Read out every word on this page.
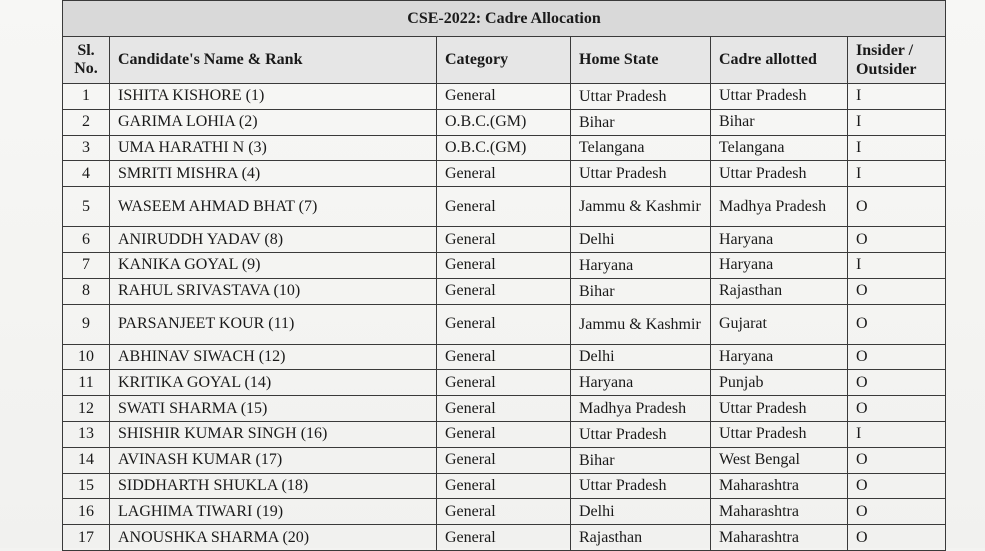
CSE-2022: Cadre Allocation					
Sl.
No.	Candidate's Name & Rank	Category	Home State	Cadre allotted	Insider /
Outsider
1	ISHITA KISHORE (1)	General	Uttar Pradesh	Uttar Pradesh	I
2	GARIMA LOHIA (2)	O.B.C.(GM)	Bihar	Bihar	I
3	UMA HARATHI N (3)	O.B.C.(GM)	Telangana	Telangana	I
4	SMRITI MISHRA (4)	General	Uttar Pradesh	Uttar Pradesh	I
5	WASEEM AHMAD BHAT (7)	General	Jammu & Kashmir	Madhya Pradesh	O
6	ANIRUDDH YADAV (8)	General	Delhi	Haryana	O
7	KANIKA GOYAL (9)	General	Haryana	Haryana	I
8	RAHUL SRIVASTAVA (10)	General	Bihar	Rajasthan	O
9	PARSANJEET KOUR (11)	General	Jammu & Kashmir	Gujarat	O
10	ABHINAV SIWACH (12)	General	Delhi	Haryana	O
11	KRITIKA GOYAL (14)	General	Haryana	Punjab	O
12	SWATI SHARMA (15)	General	Madhya Pradesh	Uttar Pradesh	O
13	SHISHIR KUMAR SINGH (16)	General	Uttar Pradesh	Uttar Pradesh	I
14	AVINASH KUMAR (17)	General	Bihar	West Bengal	O
15	SIDDHARTH SHUKLA (18)	General	Uttar Pradesh	Maharashtra	O
16	LAGHIMA TIWARI (19)	General	Delhi	Maharashtra	O
17	ANOUSHKA SHARMA (20)	General	Rajasthan	Maharashtra	O
